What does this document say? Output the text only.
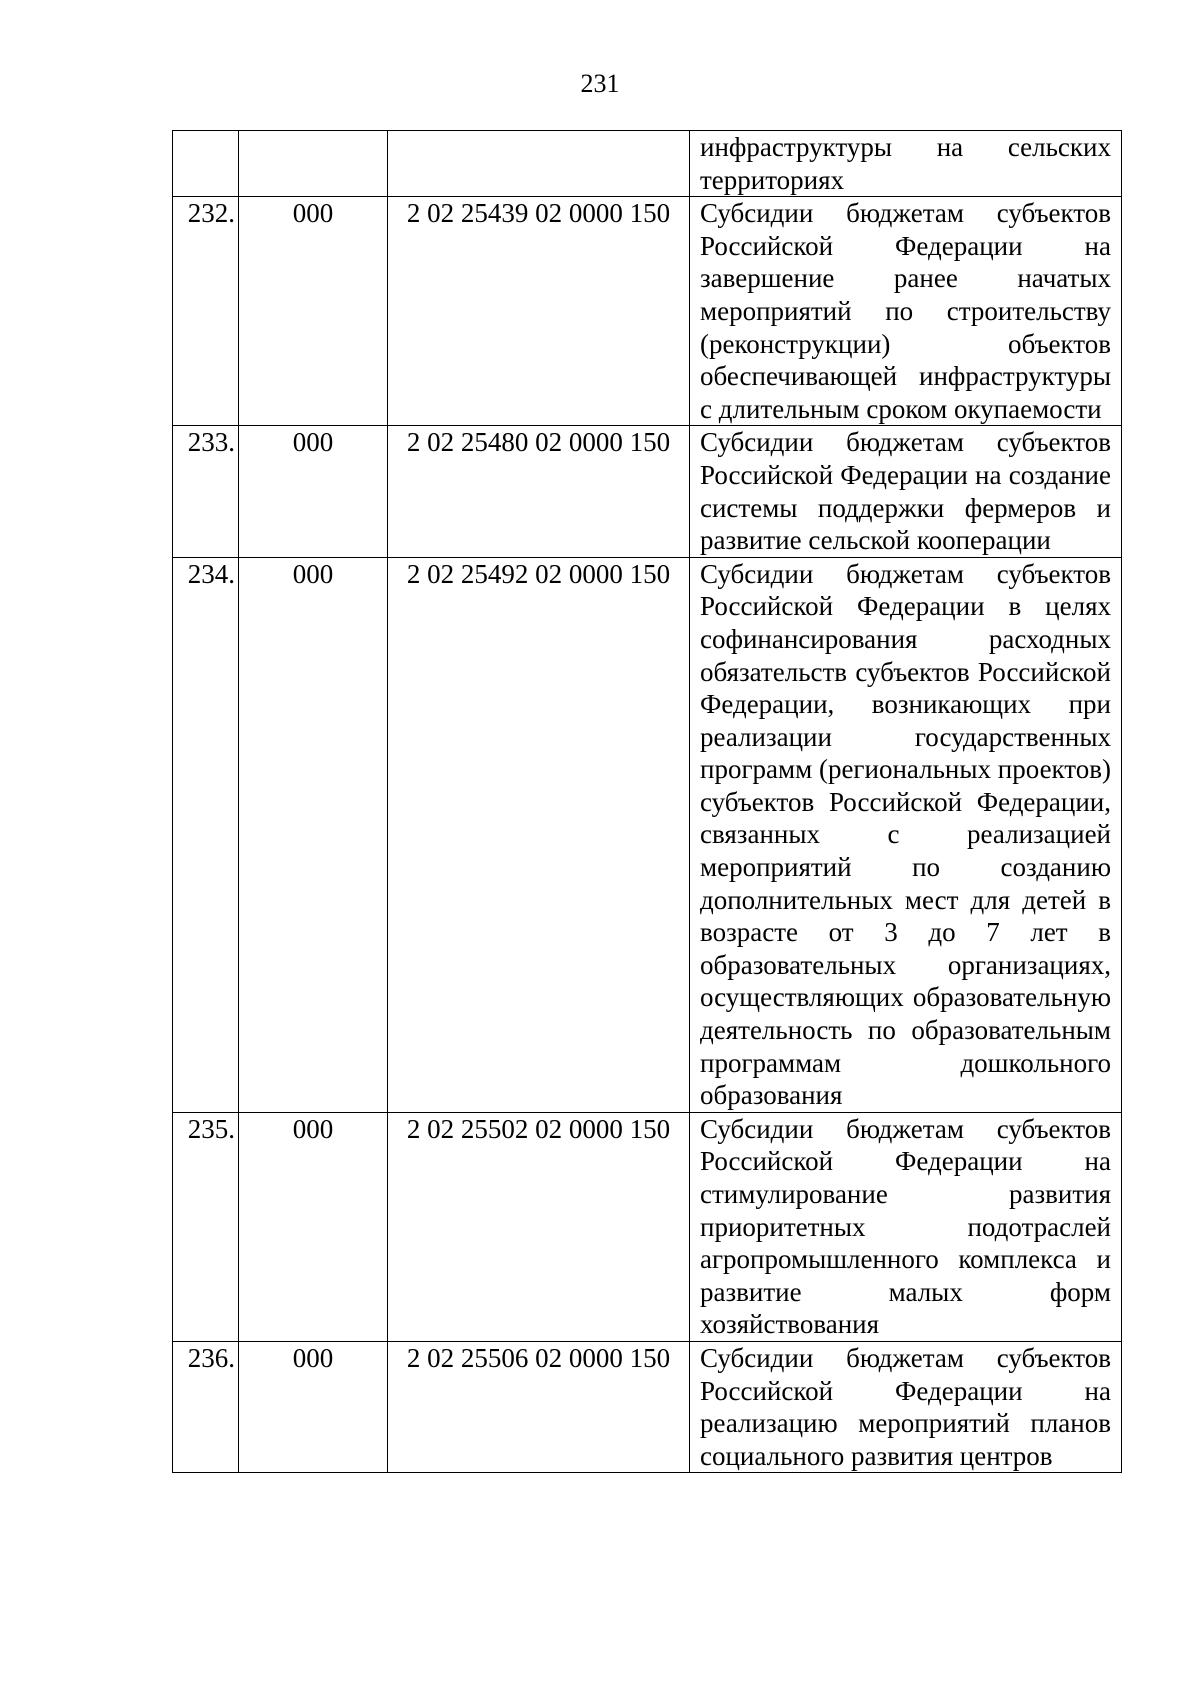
231

			инфраструктуры на сельских территориях

232.	000	2 02 25439 02 0000 150	Субсидии бюджетам субъектов Российской Федерации на завершение ранее начатых мероприятий по строительству (реконструкции) объектов обеспечивающей инфраструктуры с длительным сроком окупаемости

233.	000	2 02 25480 02 0000 150	Субсидии бюджетам субъектов Российской Федерации на создание системы поддержки фермеров и развитие сельской кооперации

234.	000	2 02 25492 02 0000 150	Субсидии бюджетам субъектов Российской Федерации в целях софинансирования расходных обязательств субъектов Российской Федерации, возникающих при реализации государственных программ (региональных проектов) субъектов Российской Федерации, связанных с реализацией мероприятий по созданию дополнительных мест для детей в возрасте от 3 до 7 лет в образовательных организациях, осуществляющих образовательную деятельность по образовательным программам дошкольного образования

235.	000	2 02 25502 02 0000 150	Субсидии бюджетам субъектов Российской Федерации на стимулирование развития приоритетных подотраслей агропромышленного комплекса и развитие малых форм хозяйствования

236.	000	2 02 25506 02 0000 150	Субсидии бюджетам субъектов Российской Федерации на реализацию мероприятий планов социального развития центров
